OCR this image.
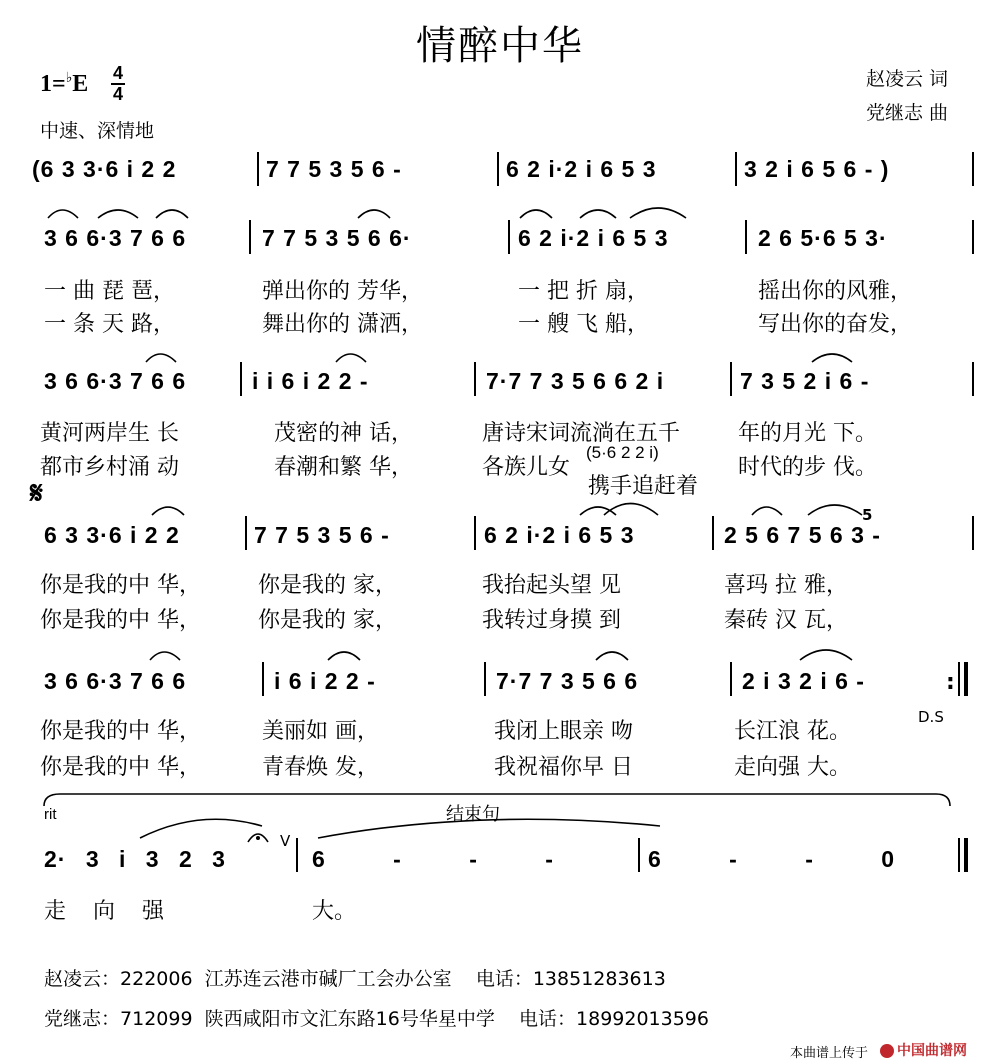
情醉中华
赵凌云 词
党继志 曲
1=♭E 4
4
中速、深情地
(6 3 3·6 i 2 2	7 7 5 3 5 6 -	6 2 i·2 i 6 5 3	3 2 i 6 5 6 - )
3 6 6·3 7 6 6	7 7 5 3 5 6 6·	6 2 i·2 i 6 5 3	2 6 5·6 5 3·
一 曲 琵 琶，	弹出你的 芳华，	一 把 折 扇，	摇出你的风雅，
一 条 天 路，	舞出你的 潇洒，	一 艘 飞 船，	写出你的奋发，
3 6 6·3 7 6 6	i i 6 i 2 2 -	7·7 7 3 5 6 6 2 i	7 3 5 2 i 6 -
黄河两岸生 长	茂密的神 话，	唐诗宋词流淌在五千	年的月光 下。
都市乡村涌 动	春潮和繁 华，	各族儿女	时代的步 伐。
(5·6 2 2 i)
携手追赶着
𝄋
6 3 3·6 i 2 2	7 7 5 3 5 6 -	6 2 i·2 i 6 5 3	2 5 6 7 5 6 3 -
5
你是我的中 华，	你是我的 家，	我抬起头望 见	喜玛 拉 雅，
你是我的中 华，	你是我的 家，	我转过身摸 到	秦砖 汉 瓦，
3 6 6·3 7 6 6	i 6 i 2 2 -	7·7 7 3 5 6 6	2 i 3 2 i 6 -	:
D.S
你是我的中 华，	美丽如 画，	我闭上眼亲 吻	长江浪 花。
你是我的中 华，	青春焕 发，	我祝福你早 日	走向强 大。
rit	结束句
2· 3 i 3 2 3
V
6 - - -	6 - - 0
走 向 强	大。
赵凌云：222006 江苏连云港市碱厂工会办公室 电话：13851283613
党继志：712099 陕西咸阳市文汇东路16号华星中学 电话：18992013596
本曲谱上传于	中国曲谱网
